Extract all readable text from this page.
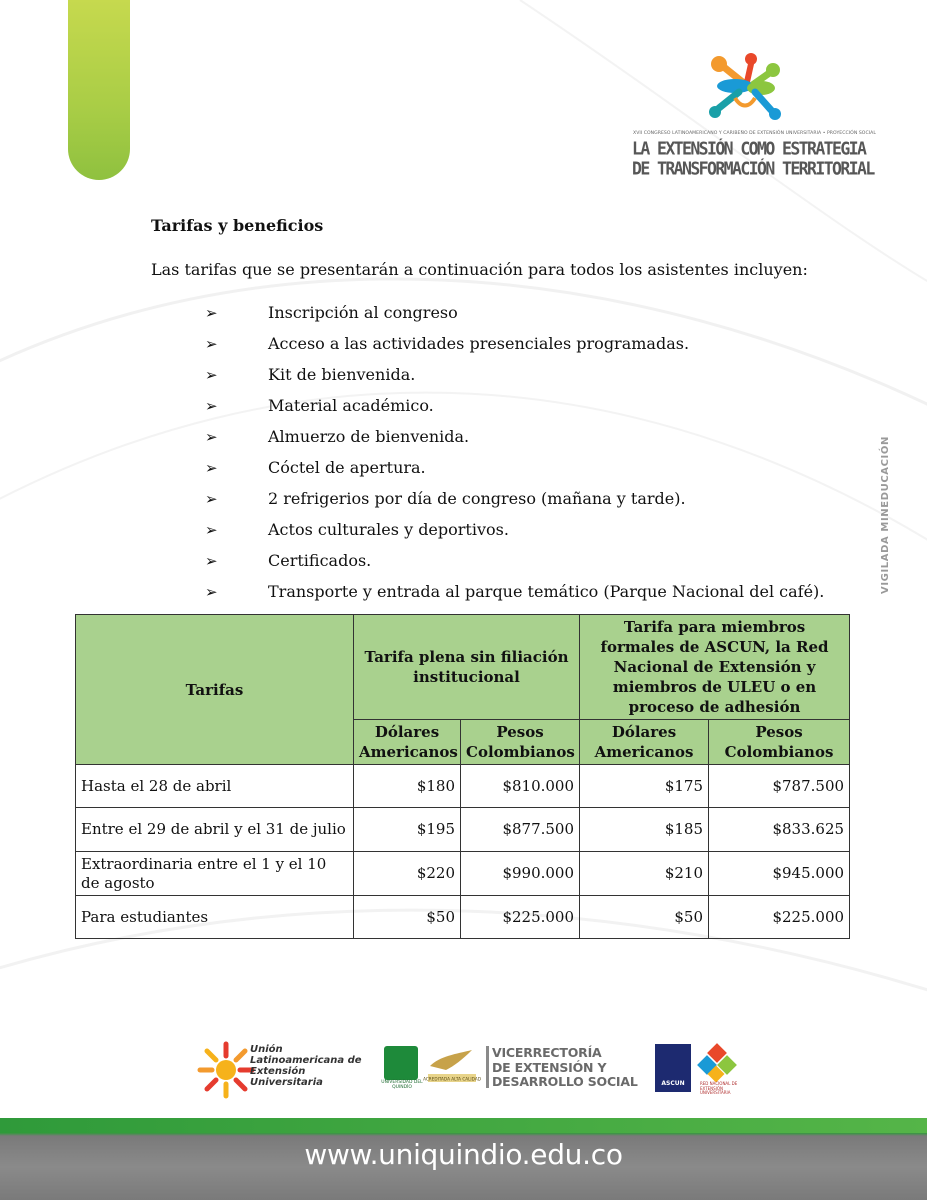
XVII CONGRESO LATINOAMERICANO Y CARIBEÑO DE EXTENSIÓN UNIVERSITARIA • PROYECCIÓN SOCIAL
LA EXTENSIÓN COMO ESTRATEGIA
DE TRANSFORMACIÓN TERRITORIAL
VIGILADA MINEDUCACIÓN
Tarifas y beneficios
Las tarifas que se presentarán a continuación para todos los asistentes incluyen:
➢	Inscripción al congreso
➢	Acceso a las actividades presenciales programadas.
➢	Kit de bienvenida.
➢	Material académico.
➢	Almuerzo de bienvenida.
➢	Cóctel de apertura.
➢	2 refrigerios por día de congreso (mañana y tarde).
➢	Actos culturales y deportivos.
➢	Certificados.
➢	Transporte y entrada al parque temático (Parque Nacional del café).
Tarifas	Tarifa plena sin filiación institucional		Tarifa para miembros formales de ASCUN, la Red Nacional de Extensión y miembros de ULEU o en proceso de adhesión	
	Dólares Americanos	Pesos Colombianos	Dólares Americanos	Pesos Colombianos
Hasta el 28 de abril	$180	$810.000	$175	$787.500
Entre el 29 de abril y el 31 de julio	$195	$877.500	$185	$833.625
Extraordinaria entre el 1 y el 10 de agosto	$220	$990.000	$210	$945.000
Para estudiantes	$50	$225.000	$50	$225.000
Unión
Latinoamericana de
Extensión
Universitaria	UNIVERSIDAD DEL QUINDÍO
ACREDITADA ALTA CALIDAD
VICERRECTORÍA
DE EXTENSIÓN Y
DESARROLLO SOCIAL	ASCUN	RED NACIONAL DE EXTENSIÓN UNIVERSITARIA
www.uniquindio.edu.co
